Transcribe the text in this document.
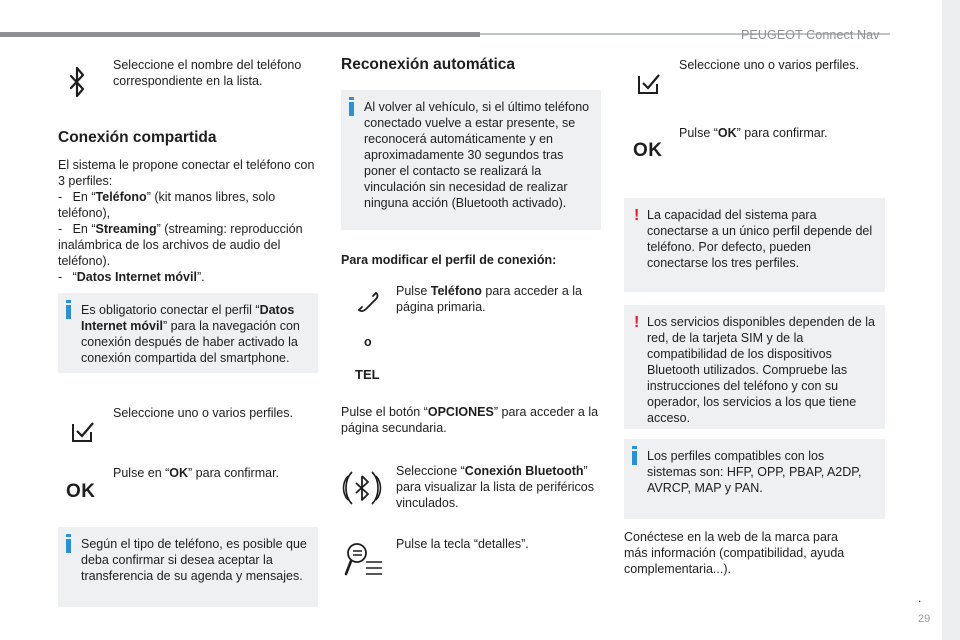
PEUGEOT Connect Nav
.
29
Seleccione el nombre del teléfono correspondiente en la lista.
Conexión compartida
El sistema le propone conectar el teléfono con 3 perfiles:
- En “Teléfono” (kit manos libres, solo teléfono),
- En “Streaming” (streaming: reproducción inalámbrica de los archivos de audio del teléfono).
- “Datos Internet móvil”.
Es obligatorio conectar el perfil “Datos Internet móvil” para la navegación con conexión después de haber activado la conexión compartida del smartphone.
Seleccione uno o varios perfiles.
OK
Pulse en “OK” para confirmar.
Según el tipo de teléfono, es posible que deba confirmar si desea aceptar la transferencia de su agenda y mensajes.
Reconexión automática
Al volver al vehículo, si el último teléfono conectado vuelve a estar presente, se reconocerá automáticamente y en aproximadamente 30 segundos tras poner el contacto se realizará la vinculación sin necesidad de realizar ninguna acción (Bluetooth activado).
Para modificar el perfil de conexión:
Pulse Teléfono para acceder a la página primaria.
o
TEL
Pulse el botón “OPCIONES” para acceder a la página secundaria.
Seleccione “Conexión Bluetooth” para visualizar la lista de periféricos vinculados.
Pulse la tecla “detalles”.
Seleccione uno o varios perfiles.
OK
Pulse “OK” para confirmar.
! La capacidad del sistema para conectarse a un único perfil depende del teléfono. Por defecto, pueden conectarse los tres perfiles.
! Los servicios disponibles dependen de la red, de la tarjeta SIM y de la compatibilidad de los dispositivos Bluetooth utilizados. Compruebe las instrucciones del teléfono y con su operador, los servicios a los que tiene acceso.
Los perfiles compatibles con los sistemas son: HFP, OPP, PBAP, A2DP, AVRCP, MAP y PAN.
Conéctese en la web de la marca para más información (compatibilidad, ayuda complementaria...).
